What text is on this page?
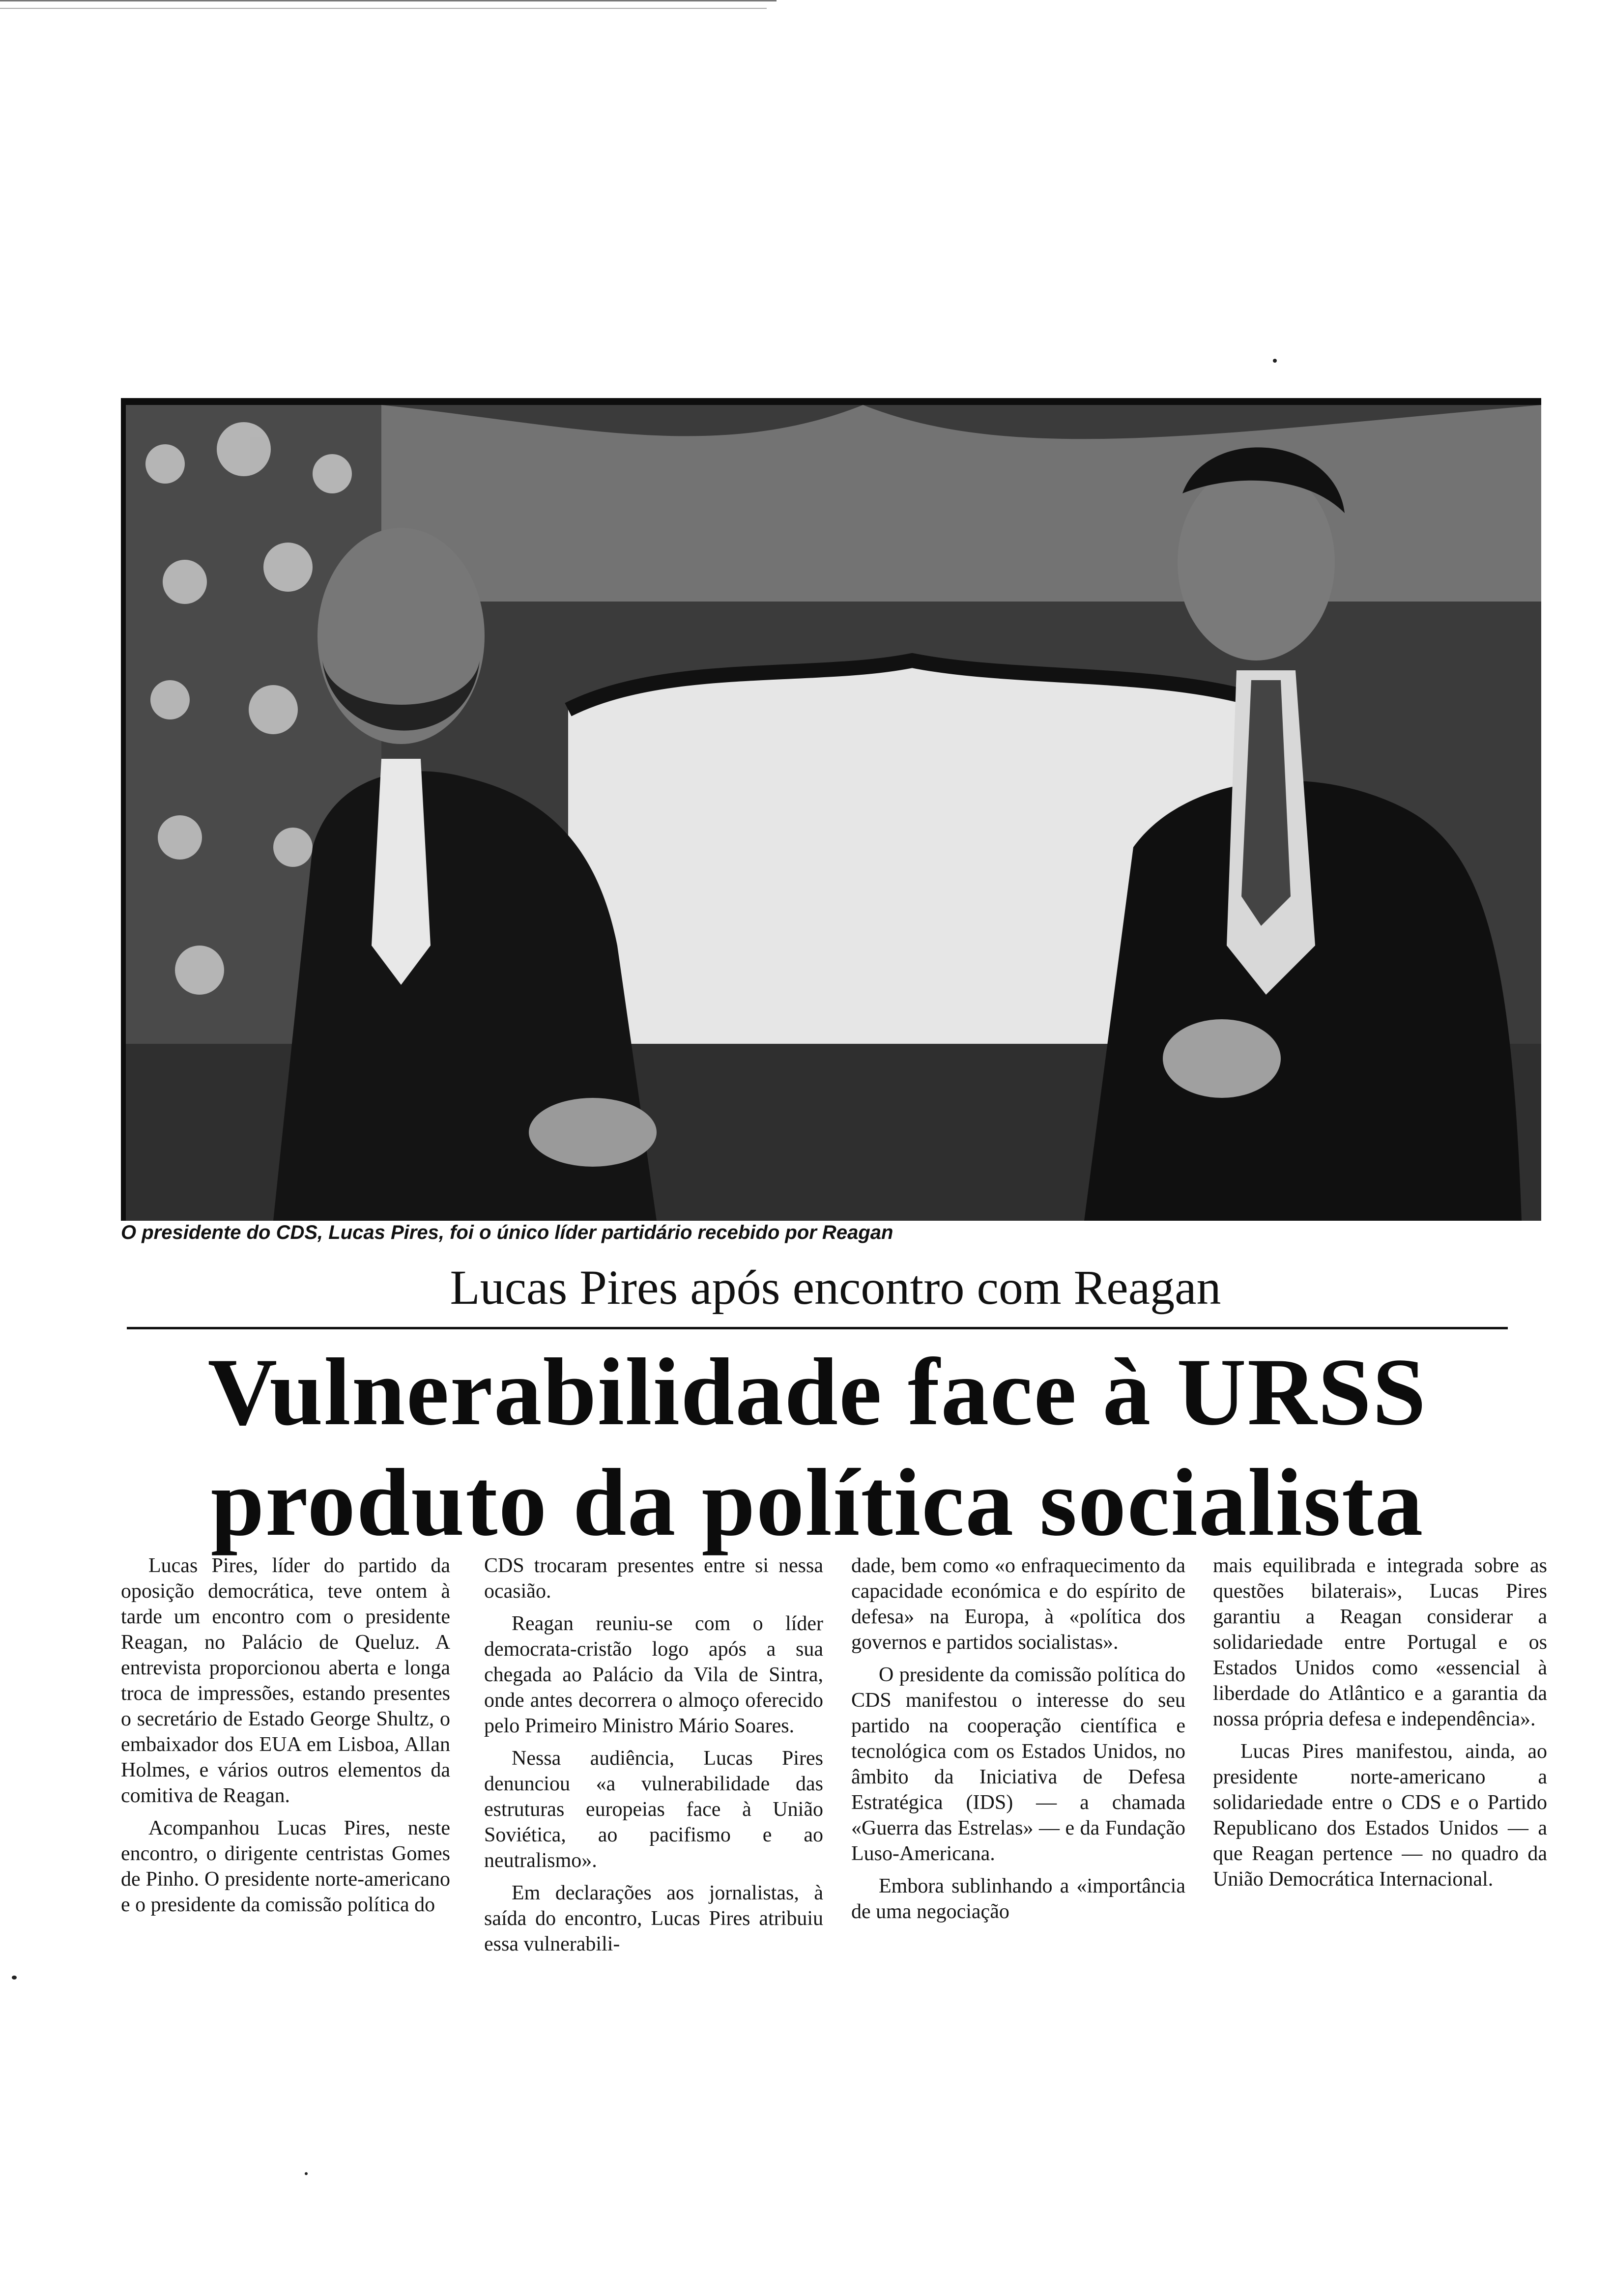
O presidente do CDS, Lucas Pires, foi o único líder partidário recebido por Reagan
Lucas Pires após encontro com Reagan
Vulnerabilidade face à URSS
produto da política socialista

Lucas Pires, líder do partido da oposição democrática, teve ontem à tarde um encontro com o presidente Reagan, no Palácio de Queluz. A entrevista proporcionou aberta e longa troca de impressões, estando presentes o secretário de Estado George Shultz, o embaixador dos EUA em Lisboa, Allan Holmes, e vários outros elementos da comitiva de Reagan.

Acompanhou Lucas Pires, neste encontro, o dirigente centristas Gomes de Pinho. O presidente norte-americano e o presidente da comissão política do

CDS trocaram presentes entre si nessa ocasião.

Reagan reuniu-se com o líder democrata-cristão logo após a sua chegada ao Palácio da Vila de Sintra, onde antes decorrera o almoço oferecido pelo Primeiro Ministro Mário Soares.

Nessa audiência, Lucas Pires denunciou «a vulnerabilidade das estruturas europeias face à União Soviética, ao pacifismo e ao neutralismo».

Em declarações aos jornalistas, à saída do encontro, Lucas Pires atribuiu essa vulnerabili-

dade, bem como «o enfraquecimento da capacidade económica e do espírito de defesa» na Europa, à «política dos governos e partidos socialistas».

O presidente da comissão política do CDS manifestou o interesse do seu partido na cooperação científica e tecnológica com os Estados Unidos, no âmbito da Iniciativa de Defesa Estratégica (IDS) — a chamada «Guerra das Estrelas» — e da Fundação Luso-Americana.

Embora sublinhando a «importância de uma negociação

mais equilibrada e integrada sobre as questões bilaterais», Lucas Pires garantiu a Reagan considerar a solidariedade entre Portugal e os Estados Unidos como «essencial à liberdade do Atlântico e a garantia da nossa própria defesa e independência».

Lucas Pires manifestou, ainda, ao presidente norte-americano a solidariedade entre o CDS e o Partido Republicano dos Estados Unidos — a que Reagan pertence — no quadro da União Democrática Internacional.
